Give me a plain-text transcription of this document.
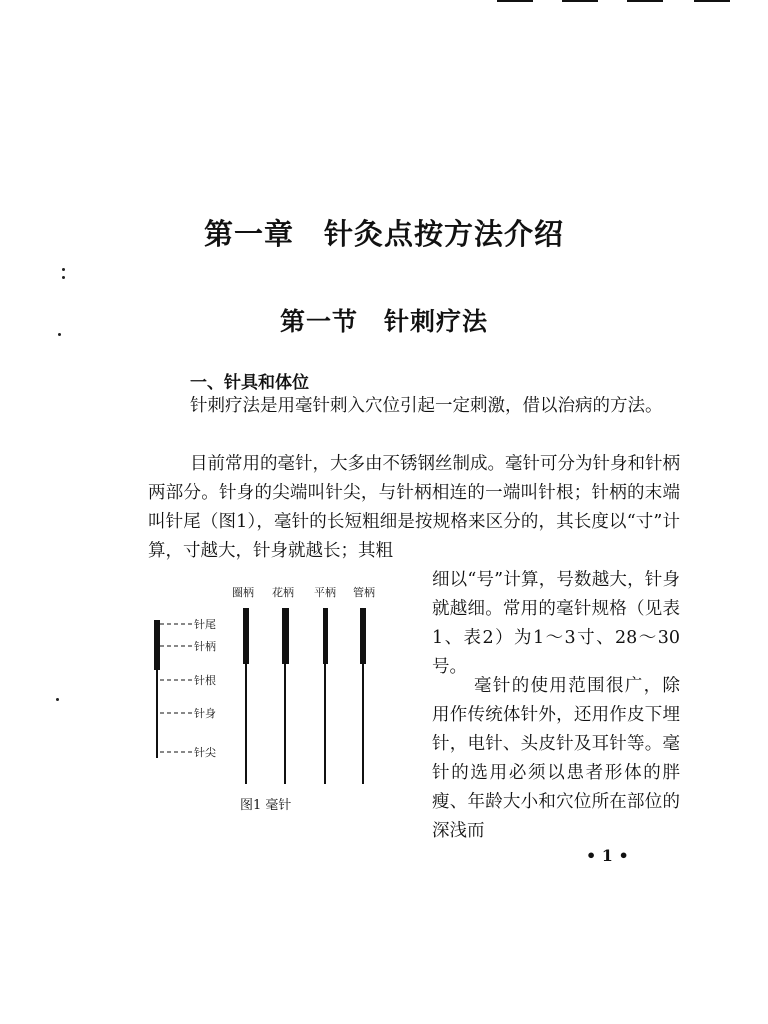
第一章 针灸点按方法介绍
第一节 针刺疗法
一、针具和体位

针刺疗法是用毫针刺入穴位引起一定刺激，借以治病的方法。

目前常用的毫针，大多由不锈钢丝制成。毫针可分为针身和针柄两部分。针身的尖端叫针尖，与针柄相连的一端叫针根；针柄的末端叫针尾（图1），毫针的长短粗细是按规格来区分的，其长度以“寸”计算，寸越大，针身就越长；其粗

细以“号”计算，号数越大，针身就越细。常用的毫针规格（见表1、表2）为1～3寸、28～30号。

毫针的使用范围很广，除用作传统体针外，还用作皮下埋针，电针、头皮针及耳针等。毫针的选用必须以患者形体的胖瘦、年龄大小和穴位所在部位的深浅而

圈柄 花柄 平柄 管柄
针尾
针柄
针根
针身
针尖
图1 毫针
• 1 •
